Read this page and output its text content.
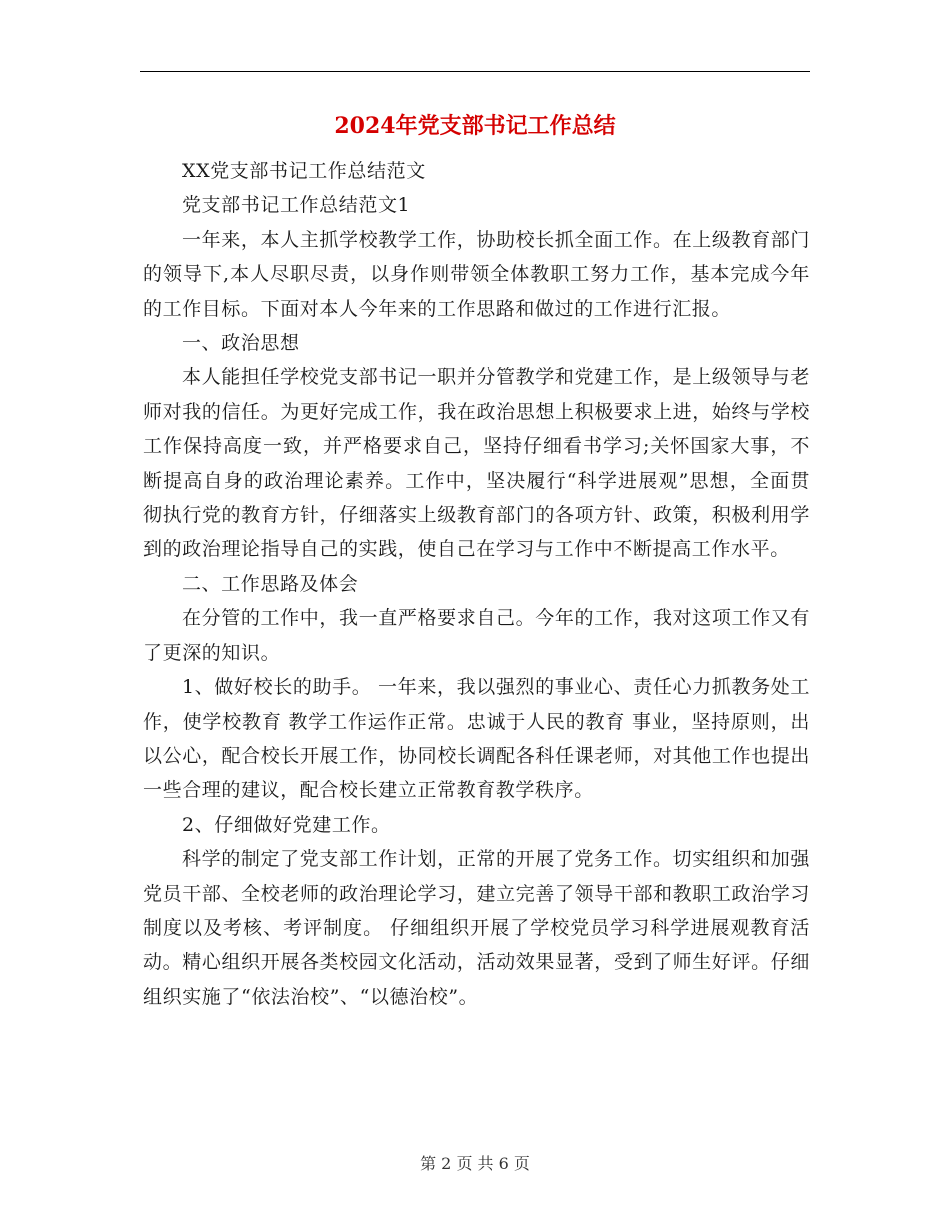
2024年党支部书记工作总结

XX党支部书记工作总结范文

党支部书记工作总结范文1

一年来，本人主抓学校教学工作，协助校长抓全面工作。在上级教育部门的领导下,本人尽职尽责，以身作则带领全体教职工努力工作，基本完成今年的工作目标。下面对本人今年来的工作思路和做过的工作进行汇报。

一、政治思想

本人能担任学校党支部书记一职并分管教学和党建工作，是上级领导与老师对我的信任。为更好完成工作，我在政治思想上积极要求上进，始终与学校工作保持高度一致，并严格要求自己，坚持仔细看书学习;关怀国家大事，不断提高自身的政治理论素养。工作中，坚决履行“科学进展观”思想，全面贯彻执行党的教育方针，仔细落实上级教育部门的各项方针、政策，积极利用学到的政治理论指导自己的实践，使自己在学习与工作中不断提高工作水平。

二、工作思路及体会

在分管的工作中，我一直严格要求自己。今年的工作，我对这项工作又有了更深的知识。

1、做好校长的助手。 一年来，我以强烈的事业心、责任心力抓教务处工作，使学校教育 教学工作运作正常。忠诚于人民的教育 事业，坚持原则，出以公心，配合校长开展工作，协同校长调配各科任课老师，对其他工作也提出一些合理的建议，配合校长建立正常教育教学秩序。

2、仔细做好党建工作。

科学的制定了党支部工作计划，正常的开展了党务工作。切实组织和加强党员干部、全校老师的政治理论学习，建立完善了领导干部和教职工政治学习制度以及考核、考评制度。 仔细组织开展了学校党员学习科学进展观教育活动。精心组织开展各类校园文化活动，活动效果显著，受到了师生好评。仔细组织实施了“依法治校”、“以德治校”。

第 2 页 共 6 页
